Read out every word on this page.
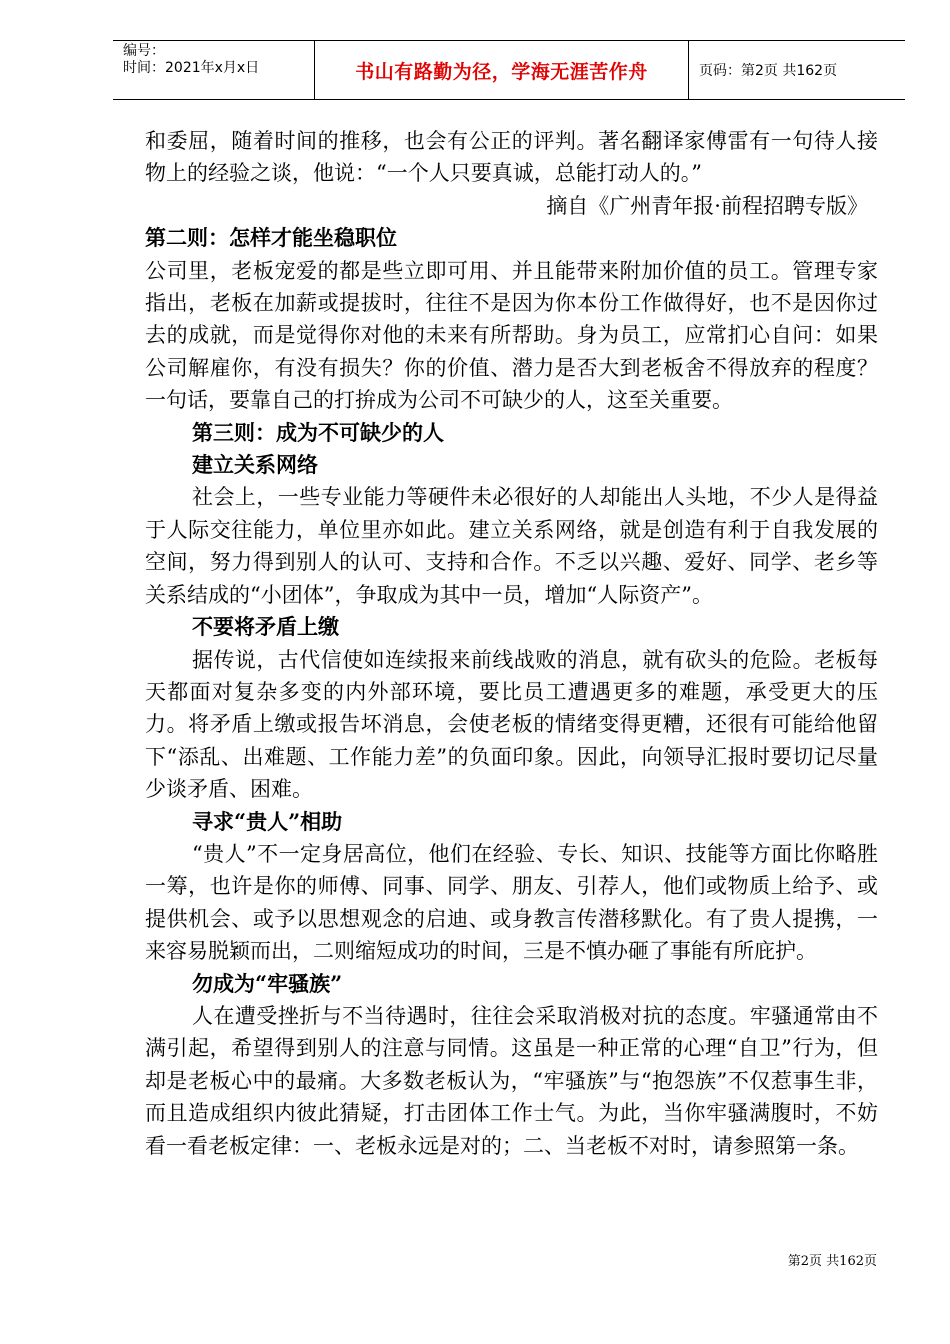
编号：
时间：2021年x月x日	书山有路勤为径，学海无涯苦作舟	页码：第2页 共162页

和委屈，随着时间的推移，也会有公正的评判。著名翻译家傅雷有一句待人接物上的经验之谈，他说：“一个人只要真诚，总能打动人的。”

摘自《广州青年报·前程招聘专版》

第二则：怎样才能坐稳职位

公司里，老板宠爱的都是些立即可用、并且能带来附加价值的员工。管理专家指出，老板在加薪或提拔时，往往不是因为你本份工作做得好，也不是因你过去的成就，而是觉得你对他的未来有所帮助。身为员工，应常扪心自问：如果公司解雇你，有没有损失？你的价值、潜力是否大到老板舍不得放弃的程度？一句话，要靠自己的打拚成为公司不可缺少的人，这至关重要。

第三则：成为不可缺少的人

建立关系网络

社会上，一些专业能力等硬件未必很好的人却能出人头地，不少人是得益于人际交往能力，单位里亦如此。建立关系网络，就是创造有利于自我发展的空间，努力得到别人的认可、支持和合作。不乏以兴趣、爱好、同学、老乡等关系结成的“小团体”，争取成为其中一员，增加“人际资产”。

不要将矛盾上缴

据传说，古代信使如连续报来前线战败的消息，就有砍头的危险。老板每天都面对复杂多变的内外部环境，要比员工遭遇更多的难题，承受更大的压力。将矛盾上缴或报告坏消息，会使老板的情绪变得更糟，还很有可能给他留下“添乱、出难题、工作能力差”的负面印象。因此，向领导汇报时要切记尽量少谈矛盾、困难。

寻求“贵人”相助

“贵人”不一定身居高位，他们在经验、专长、知识、技能等方面比你略胜一筹，也许是你的师傅、同事、同学、朋友、引荐人，他们或物质上给予、或提供机会、或予以思想观念的启迪、或身教言传潜移默化。有了贵人提携，一来容易脱颖而出，二则缩短成功的时间，三是不慎办砸了事能有所庇护。

勿成为“牢骚族”

人在遭受挫折与不当待遇时，往往会采取消极对抗的态度。牢骚通常由不满引起，希望得到别人的注意与同情。这虽是一种正常的心理“自卫”行为，但却是老板心中的最痛。大多数老板认为，“牢骚族”与“抱怨族”不仅惹事生非，而且造成组织内彼此猜疑，打击团体工作士气。为此，当你牢骚满腹时，不妨看一看老板定律：一、老板永远是对的；二、当老板不对时，请参照第一条。

第2页 共162页
